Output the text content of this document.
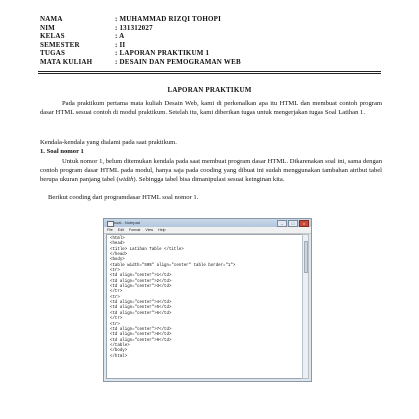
NAMA	: MUHAMMAD RIZQI TOHOPI
NIM	: 131312027
KELAS	: A
SEMESTER	: II
TUGAS	: LAPORAN PRAKTIKUM 1
MATA KULIAH	: DESAIN DAN PEMOGRAMAN WEB
LAPORAN PRAKTIKUM
Pada praktikum pertama mata kuliah Desain Web, kami di perkenalkan apa itu HTML dan membuat contoh program dasar HTML sesuai contoh di modul praktikum. Setelah itu, kami diberikan tugas untuk mengerjakan tugas Soal Latihan 1.
Kendala-kendala yang dialami pada saat praktikum.
1. Soal nomor 1
Untuk nomor 1, belum ditemukan kendala pada saat membuat program dasar HTML. Dikarenakan soal ini, sama dengan contoh program dasar HTML pada modul, hanya saja pada cooding yang dibuat ini sudah menggunakan tambahan atribut tabel berupa ukuran panjang tabel (width). Sebingga tabel bisa dimanipulasi sesuai keinginan kita.
Berikut cooding dari programdasar HTML soal nomor 1.
soal - Notepad	–	□	×
File Edit Format View Help
<html>
<head>
<title> Latihan Table </title>
</head>
<body>
<table width="50%" align="center" table border="1">
<tr>
<td align="center">1</td>
<td align="center">2</td>
<td align="center">3</td>
</tr>
<tr>
<td align="center">4</td>
<td align="center">5</td>
<td align="center">6</td>
</tr>
<tr>
<td align="center">7</td>
<td align="center">8</td>
<td align="center">9</td>
</table>
</body>
</html>
